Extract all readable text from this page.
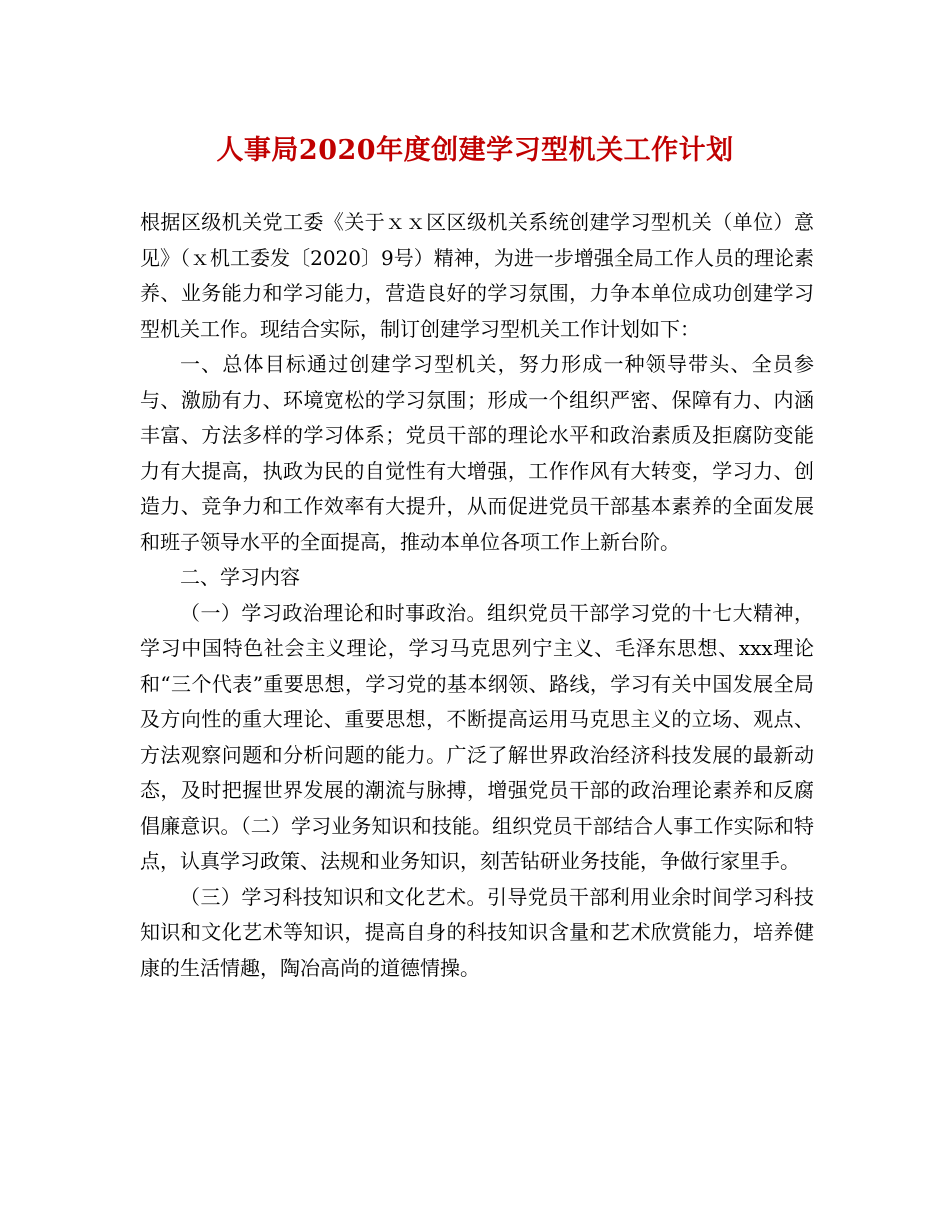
人事局2020年度创建学习型机关工作计划

根据区级机关党工委《关于ｘｘ区区级机关系统创建学习型机关（单位）意见》（ｘ机工委发〔2020〕9号）精神，为进一步增强全局工作人员的理论素养、业务能力和学习能力，营造良好的学习氛围，力争本单位成功创建学习型机关工作。现结合实际，制订创建学习型机关工作计划如下：

一、总体目标通过创建学习型机关，努力形成一种领导带头、全员参与、激励有力、环境宽松的学习氛围；形成一个组织严密、保障有力、内涵丰富、方法多样的学习体系；党员干部的理论水平和政治素质及拒腐防变能力有大提高，执政为民的自觉性有大增强，工作作风有大转变，学习力、创造力、竞争力和工作效率有大提升，从而促进党员干部基本素养的全面发展和班子领导水平的全面提高，推动本单位各项工作上新台阶。

二、学习内容

（一）学习政治理论和时事政治。组织党员干部学习党的十七大精神，学习中国特色社会主义理论，学习马克思列宁主义、毛泽东思想、xxx理论和“三个代表”重要思想，学习党的基本纲领、路线，学习有关中国发展全局及方向性的重大理论、重要思想，不断提高运用马克思主义的立场、观点、方法观察问题和分析问题的能力。广泛了解世界政治经济科技发展的最新动态，及时把握世界发展的潮流与脉搏，增强党员干部的政治理论素养和反腐倡廉意识。（二）学习业务知识和技能。组织党员干部结合人事工作实际和特点，认真学习政策、法规和业务知识，刻苦钻研业务技能，争做行家里手。

（三）学习科技知识和文化艺术。引导党员干部利用业余时间学习科技知识和文化艺术等知识，提高自身的科技知识含量和艺术欣赏能力，培养健康的生活情趣，陶冶高尚的道德情操。
